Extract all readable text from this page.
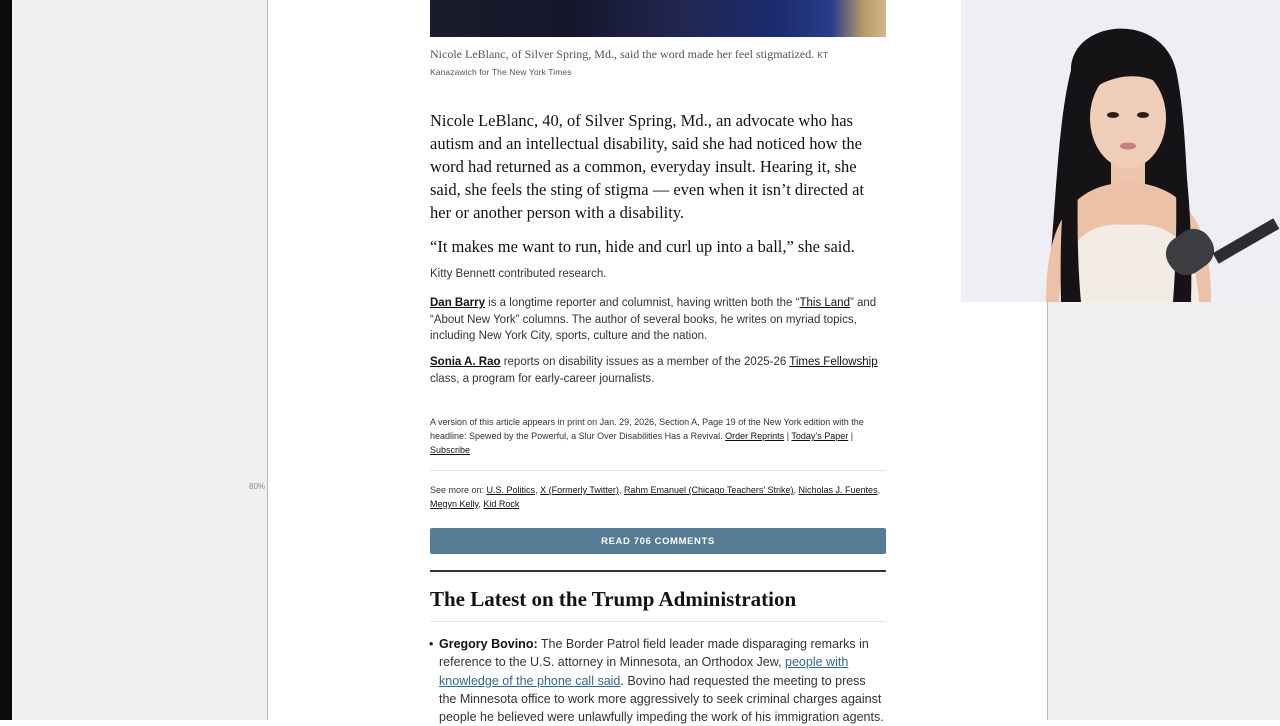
80%
Nicole LeBlanc, of Silver Spring, Md., said the word made her feel stigmatized. KT
Kanazawich for The New York Times

Nicole LeBlanc, 40, of Silver Spring, Md., an advocate who has autism and an intellectual disability, said she had noticed how the word had returned as a common, everyday insult. Hearing it, she said, she feels the sting of stigma — even when it isn’t directed at her or another person with a disability.

“It makes me want to run, hide and curl up into a ball,” she said.

Kitty Bennett contributed research.
Dan Barry is a longtime reporter and columnist, having written both the “This Land” and “About New York” columns. The author of several books, he writes on myriad topics, including New York City, sports, culture and the nation.
Sonia A. Rao reports on disability issues as a member of the 2025-26 Times Fellowship class, a program for early-career journalists.
A version of this article appears in print on Jan. 29, 2026, Section A, Page 19 of the New York edition with the headline: Spewed by the Powerful, a Slur Over Disabilities Has a Revival. Order Reprints | Today’s Paper | Subscribe
See more on: U.S. Politics, X (Formerly Twitter), Rahm Emanuel (Chicago Teachers’ Strike), Nicholas J. Fuentes, Megyn Kelly, Kid Rock
READ 706 COMMENTS
The Latest on the Trump Administration
• Gregory Bovino: The Border Patrol field leader made disparaging remarks in reference to the U.S. attorney in Minnesota, an Orthodox Jew, people with knowledge of the phone call said. Bovino had requested the meeting to press the Minnesota office to work more aggressively to seek criminal charges against people he believed were unlawfully impeding the work of his immigration agents.
